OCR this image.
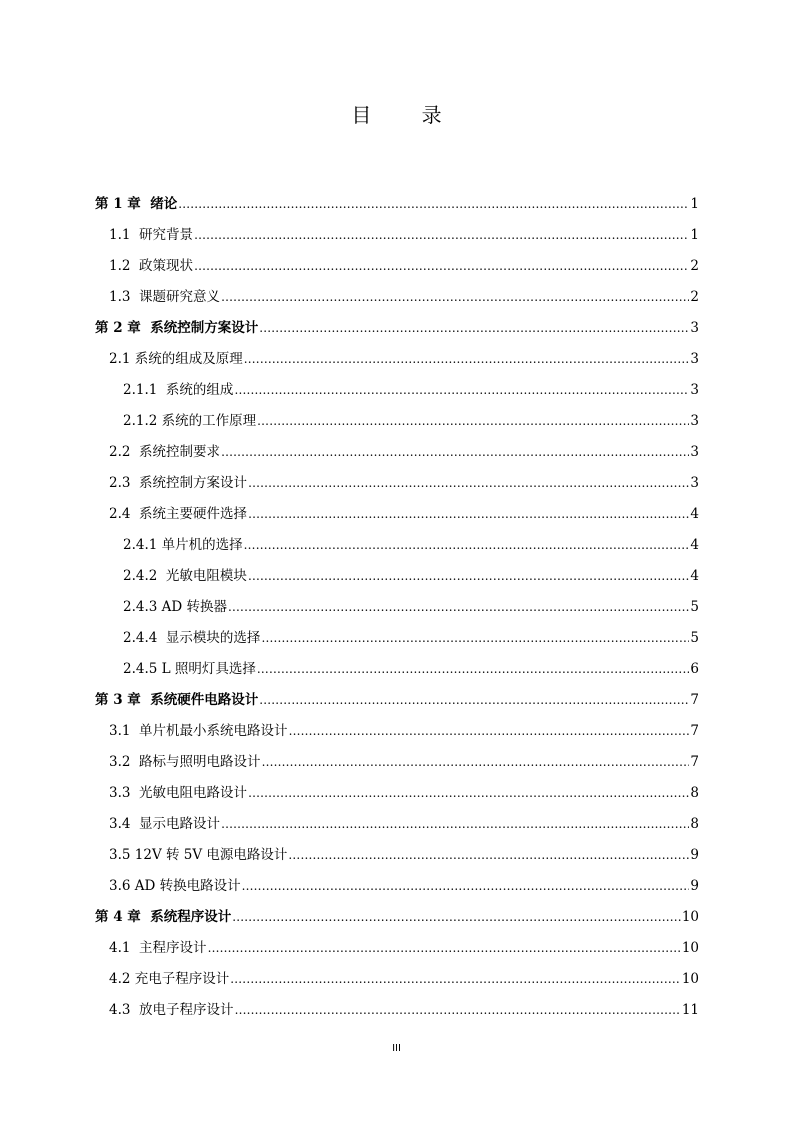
目 录
第 1 章  绪论 .....	1
1.1  研究背景 .....	1
1.2  政策现状 .....	2
1.3  课题研究意义 .....	2
第 2 章  系统控制方案设计 .....	3
2.1 系统的组成及原理 .....	3
2.1.1  系统的组成 .....	3
2.1.2 系统的工作原理 .....	3
2.2  系统控制要求 .....	3
2.3  系统控制方案设计 .....	3
2.4  系统主要硬件选择 .....	4
2.4.1 单片机的选择 .....	4
2.4.2  光敏电阻模块 .....	4
2.4.3 AD 转换器 .....	5
2.4.4  显示模块的选择 .....	5
2.4.5 L 照明灯具选择 .....	6
第 3 章  系统硬件电路设计 .....	7
3.1  单片机最小系统电路设计 .....	7
3.2  路标与照明电路设计 .....	7
3.3  光敏电阻电路设计 .....	8
3.4  显示电路设计 .....	8
3.5 12V 转 5V 电源电路设计 .....	9
3.6 AD 转换电路设计 .....	9
第 4 章  系统程序设计 .....	10
4.1  主程序设计 .....	10
4.2 充电子程序设计 .....	10
4.3  放电子程序设计 .....	11
III
